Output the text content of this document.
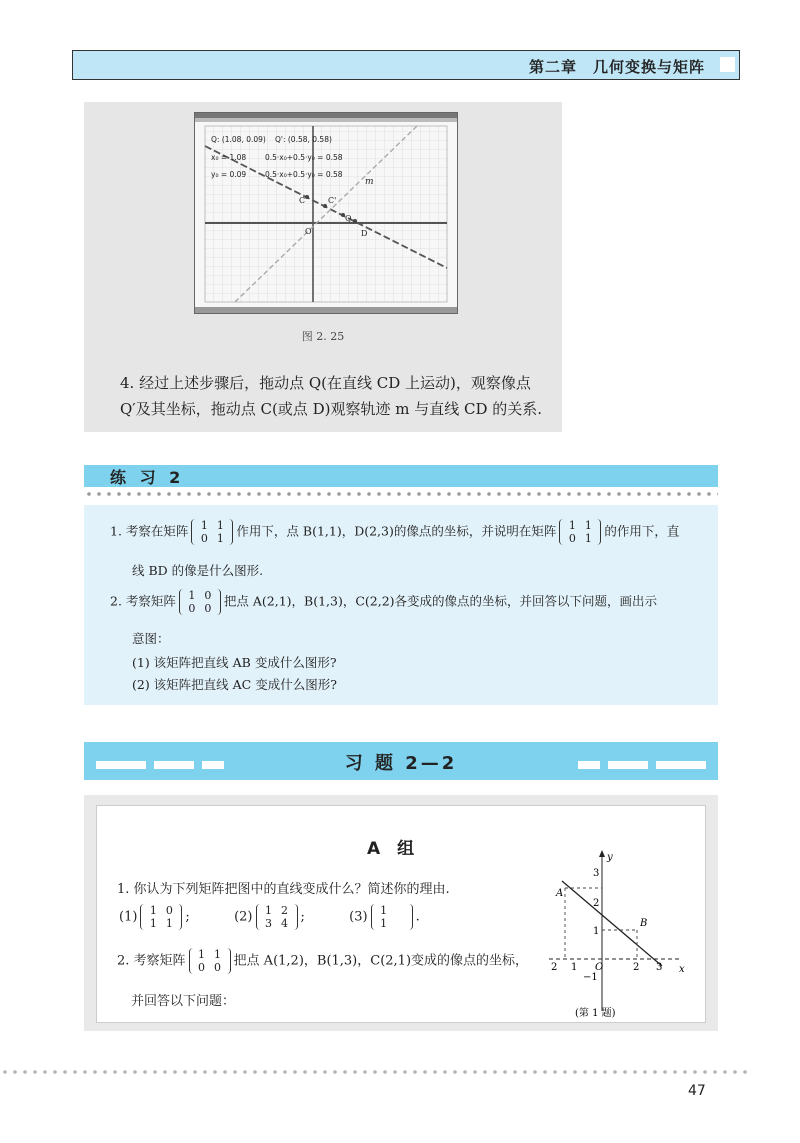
第二章　几何变换与矩阵
Q: (1.08, 0.09) Q': (0.58, 0.58)
x₀ = 1.08	0.5·x₀+0.5·y₀ = 0.58
y₀ = 0.09	0.5·x₀+0.5·y₀ = 0.58
m
C	C'
Q
O	D
图 2. 25
4. 经过上述步骤后，拖动点 Q(在直线 CD 上运动)，观察像点
Q′及其坐标，拖动点 C(或点 D)观察轨迹 m 与直线 CD 的关系.
练 习 2
1. 考察在矩阵 1 1
0 1 作用下，点 B(1,1)，D(2,3)的像点的坐标，并说明在矩阵 1 1
0 1 的作用下，直
线 BD 的像是什么图形.
2. 考察矩阵 1 0
0 0 把点 A(2,1)，B(1,3)，C(2,2)各变成的像点的坐标，并回答以下问题，画出示
意图：
(1) 该矩阵把直线 AB 变成什么图形?
(2) 该矩阵把直线 AC 变成什么图形?
习 题 2—2
A　组
1. 你认为下列矩阵把图中的直线变成什么？简述你的理由.
(1) 1 0
1 1 ;	(2) 1 2
3 4 ;	(3) 1
1 .
2. 考察矩阵 1 1
0 0 把点 A(1,2)，B(1,3)，C(2,1)变成的像点的坐标，
并回答以下问题：
y
x
3
2
1
−1
2 1 O	2 3
A
B
(第 1 题)
47
